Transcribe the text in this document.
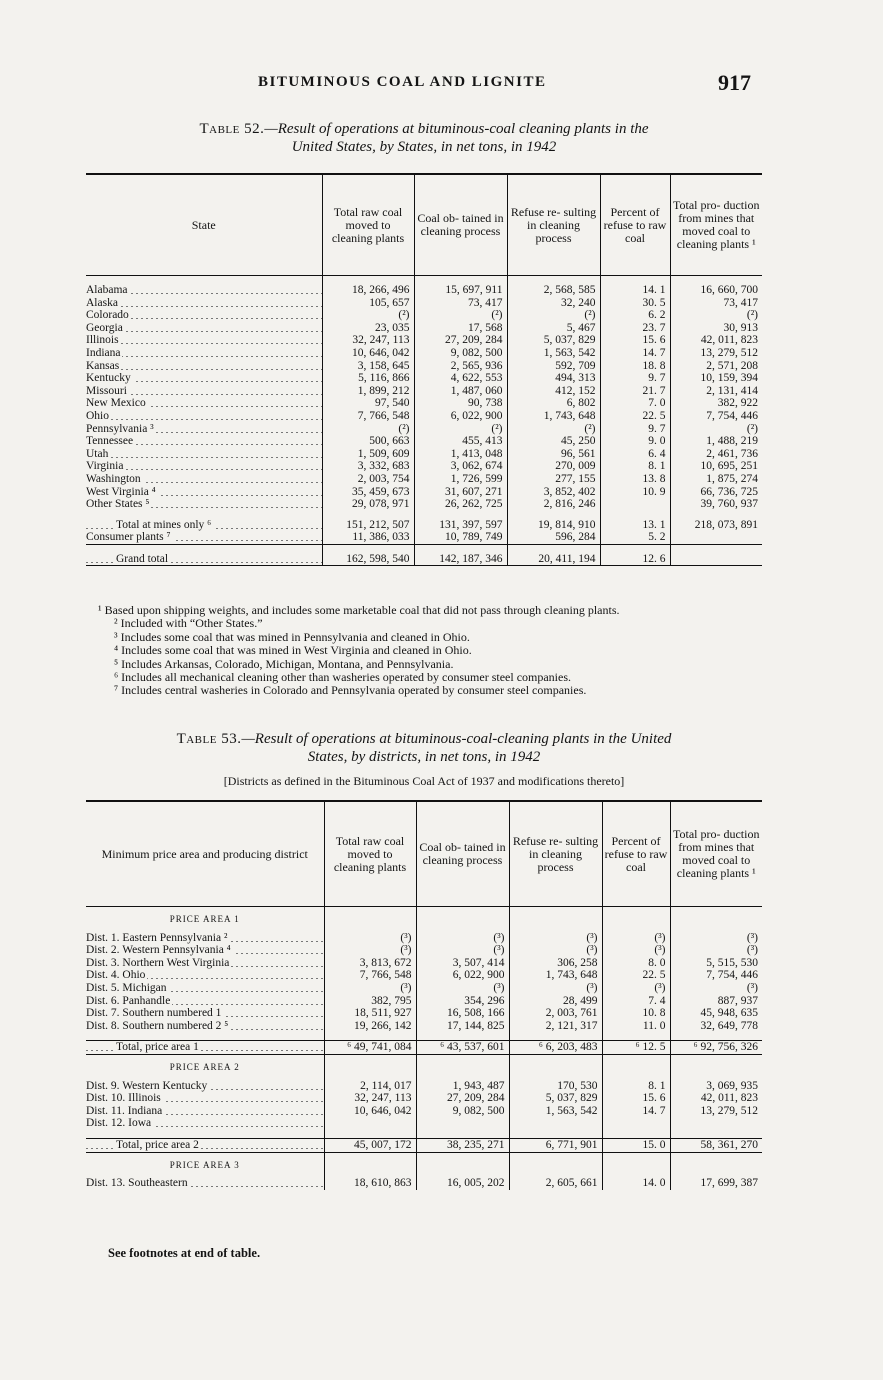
BITUMINOUS COAL AND LIGNITE	917
Table 52.—Result of operations at bituminous-coal cleaning plants in the
United States, by States, in net tons, in 1942
State	Total raw coal moved to cleaning plants	Coal ob- tained in cleaning process	Refuse re- sulting in cleaning process	Percent of refuse to raw coal	Total pro- duction from mines that moved coal to cleaning plants ¹

Alabama	18, 266, 496	15, 697, 911	2, 568, 585	14. 1	16, 660, 700
Alaska	105, 657	73, 417	32, 240	30. 5	73, 417
Colorado	(²)	(²)	(²)	6. 2	(²)
Georgia	23, 035	17, 568	5, 467	23. 7	30, 913
Illinois	32, 247, 113	27, 209, 284	5, 037, 829	15. 6	42, 011, 823
Indiana	10, 646, 042	9, 082, 500	1, 563, 542	14. 7	13, 279, 512
Kansas	3, 158, 645	2, 565, 936	592, 709	18. 8	2, 571, 208
Kentucky	5, 116, 866	4, 622, 553	494, 313	9. 7	10, 159, 394
Missouri	1, 899, 212	1, 487, 060	412, 152	21. 7	2, 131, 414
New Mexico	97, 540	90, 738	6, 802	7. 0	382, 922
Ohio	7, 766, 548	6, 022, 900	1, 743, 648	22. 5	7, 754, 446
Pennsylvania ³	(²)	(²)	(²)	9. 7	(²)
Tennessee	500, 663	455, 413	45, 250	9. 0	1, 488, 219
Utah	1, 509, 609	1, 413, 048	96, 561	6. 4	2, 461, 736
Virginia	3, 332, 683	3, 062, 674	270, 009	8. 1	10, 695, 251
Washington	2, 003, 754	1, 726, 599	277, 155	13. 8	1, 875, 274
West Virginia ⁴	35, 459, 673	31, 607, 271	3, 852, 402	10. 9	66, 736, 725
Other States ⁵	29, 078, 971	26, 262, 725	2, 816, 246		39, 760, 937

Total at mines only ⁶	151, 212, 507	131, 397, 597	19, 814, 910	13. 1	218, 073, 891
Consumer plants ⁷	11, 386, 033	10, 789, 749	596, 284	5. 2	

Grand total	162, 598, 540	142, 187, 346	20, 411, 194	12. 6	
¹ Based upon shipping weights, and includes some marketable coal that did not pass through cleaning plants.
² Included with “Other States.”
³ Includes some coal that was mined in Pennsylvania and cleaned in Ohio.
⁴ Includes some coal that was mined in West Virginia and cleaned in Ohio.
⁵ Includes Arkansas, Colorado, Michigan, Montana, and Pennsylvania.
⁶ Includes all mechanical cleaning other than washeries operated by consumer steel companies.
⁷ Includes central washeries in Colorado and Pennsylvania operated by consumer steel companies.
Table 53.—Result of operations at bituminous-coal-cleaning plants in the United
States, by districts, in net tons, in 1942
[Districts as defined in the Bituminous Coal Act of 1937 and modifications thereto]
Minimum price area and producing district	Total raw coal moved to cleaning plants	Coal ob- tained in cleaning process	Refuse re- sulting in cleaning process	Percent of refuse to raw coal	Total pro- duction from mines that moved coal to cleaning plants ¹
PRICE AREA 1					
Dist. 1. Eastern Pennsylvania ²	(³)	(³)	(³)	(³)	(³)
Dist. 2. Western Pennsylvania ⁴	(³)	(³)	(³)	(³)	(³)
Dist. 3. Northern West Virginia	3, 813, 672	3, 507, 414	306, 258	8. 0	5, 515, 530
Dist. 4. Ohio	7, 766, 548	6, 022, 900	1, 743, 648	22. 5	7, 754, 446
Dist. 5. Michigan	(³)	(³)	(³)	(³)	(³)
Dist. 6. Panhandle	382, 795	354, 296	28, 499	7. 4	887, 937
Dist. 7. Southern numbered 1	18, 511, 927	16, 508, 166	2, 003, 761	10. 8	45, 948, 635
Dist. 8. Southern numbered 2 ⁵	19, 266, 142	17, 144, 825	2, 121, 317	11. 0	32, 649, 778

Total, price area 1	⁶ 49, 741, 084	⁶ 43, 537, 601	⁶ 6, 203, 483	⁶ 12. 5	⁶ 92, 756, 326
PRICE AREA 2					
Dist. 9. Western Kentucky	2, 114, 017	1, 943, 487	170, 530	8. 1	3, 069, 935
Dist. 10. Illinois	32, 247, 113	27, 209, 284	5, 037, 829	15. 6	42, 011, 823
Dist. 11. Indiana	10, 646, 042	9, 082, 500	1, 563, 542	14. 7	13, 279, 512
Dist. 12. Iowa					

Total, price area 2	45, 007, 172	38, 235, 271	6, 771, 901	15. 0	58, 361, 270
PRICE AREA 3					
Dist. 13. Southeastern	18, 610, 863	16, 005, 202	2, 605, 661	14. 0	17, 699, 387
See footnotes at end of table.
